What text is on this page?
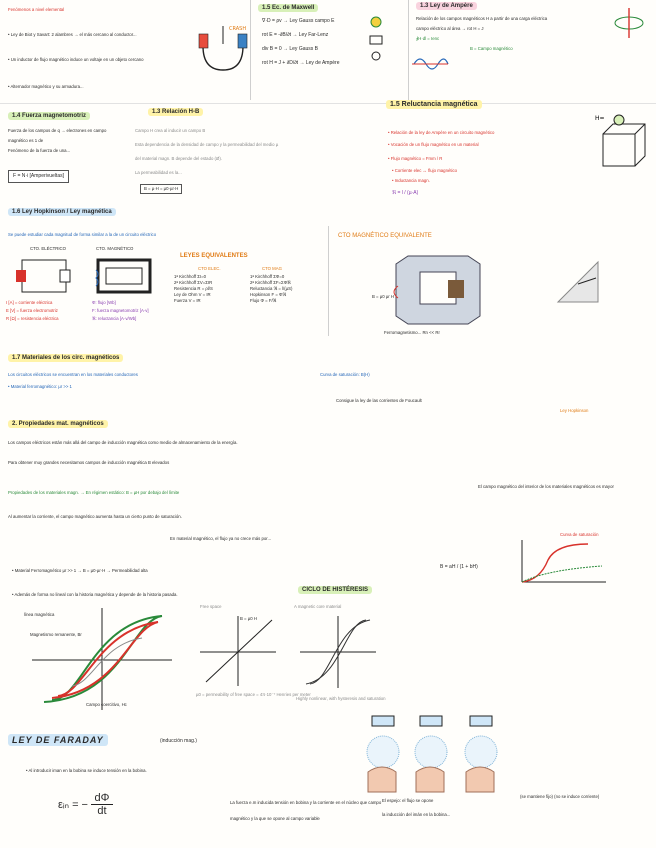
Fenómenos a nivel elemental
• Ley de Biot y Savart: 2 alambres → el más cercano al conductor...
• Un inductor de flujo magnético induce un voltaje en un objeto cercano
• Alternador magnético y su armadura...
CRASH
1.5 Ec. de Maxwell
∇·D = ρv → Ley Gauss campo E
rot E = -∂B/∂t → Ley Far-Lenz
div B = 0 → Ley Gauss B
rot H = J + ∂D/∂t → Ley de Ampère
1.3 Ley de Ampère
Relación de los campos magnéticos H a partir de una carga eléctrica
campo eléctrico al área → rot H = J
∮H·dl = Ienc
B = Campo magnético
1.4 Fuerza magnetomotriz
Fuerza de los campos de q → electrones en campo
magnético es 1 de
Fenómeno de la fuerza de una...
F = N·i [Amperivueltas]
1.3 Relación H-B
Campo H crea al inducir un campo B
Esta dependencia de la densidad de campo y la permeabilidad del medio µ
del material magn. B depende del estado (Ø).
La permeabilidad es la...
B = µ·H = µ0·µr·H
1.5 Reluctancia magnética
• Relación de la ley de Ampère en un circuito magnético
• Vocación de un flujo magnético en un material
• Flujo magnético = Fmm / R
• Corriente elec ↔ flujo magnético
• Inductancia magn.
ℜ = l / (µ·A)
H=
1.6 Ley Hopkinson / Ley magnética
Se puede estudiar cada magnitud de forma similar a la de un circuito eléctrico
CTO. ELÉCTRICO	CTO. MAGNÉTICO
I [A] = corriente eléctrica
E [V] = fuerza electromotriz
R [Ω] = resistencia eléctrica
Φ: flujo [Wb]
F: fuerza magnetomotriz [A·v]
ℜ: reluctancia [A·v/Wb]
LEYES EQUIVALENTES
CTO ELEC.	CTO MAG
1ª Kirchhoff ΣI=0	1ª Kirchhoff ΣΦ=0
2ª Kirchhoff ΣV=ΣIR	2ª Kirchhoff ΣF=ΣΦℜ
Resistencia R = ρl/S	Reluctancia ℜ = l/(µS)
Ley de Ohm V = IR	Hopkinson F = Φℜ
Fuerza V = IR	Flujo Φ = F/ℜ
CTO MAGNÉTICO EQUIVALENTE
B = μ0 μr H
Ferromagnetismo... Rn << Rr
1.7 Materiales de los circ. magnéticos
Los circuitos eléctricos se encuentran en los materiales conductores
• Material ferromagnético: µr >> 1
Curva de saturación: B(H)
Consigue la ley de las corrientes de Foucault
Ley Hopkinson
2. Propiedades mat. magnéticos
Los campos eléctricos están más allá del campo de inducción magnética como medio de almacenamiento de la energía.
Para obtener muy grandes necesitamos campos de inducción magnética B elevados
Propiedades de los materiales magn. → En régimen estático: B = µH por debajo del límite
Al aumentar la corriente, el campo magnético aumenta hasta un cierto punto de saturación.
En material magnético, el flujo ya no crece más por...
El campo magnético del interior de los materiales magnéticos es mayor
Curva de saturación
• Material Ferromagnético µr >> 1 → B = µ0·µr·H → Permeabilidad alta
B = aH / (1 + bH)
• Además de forma no lineal con la historia magnética y depende de la historia pasada.
CICLO DE HISTÉRESIS
línea magnética
Magnetismo remanente, Br
Campo coercitivo, Hc
Free space
B = µ0 H
µ0 = permeability of free space = 4π·10⁻⁷ Henries per meter
A magnetic core material
Highly nonlinear, with hysteresis and saturation
LEY DE FARADAY	(inducción mag.)
• Al introducir iman en la bobina se induce tensión en la bobina.
εᵢₙ = − $\frac{d\Phi}{dt}$	La fuerza e.m inducida tensión en bobina y la corriente en el núcleo que campo
magnético y la que se opone al campo variable
El espejo: el flujo se opone
la inducción del imán en la bobina...
(se mantiene fijo) (no se induce corriente)
